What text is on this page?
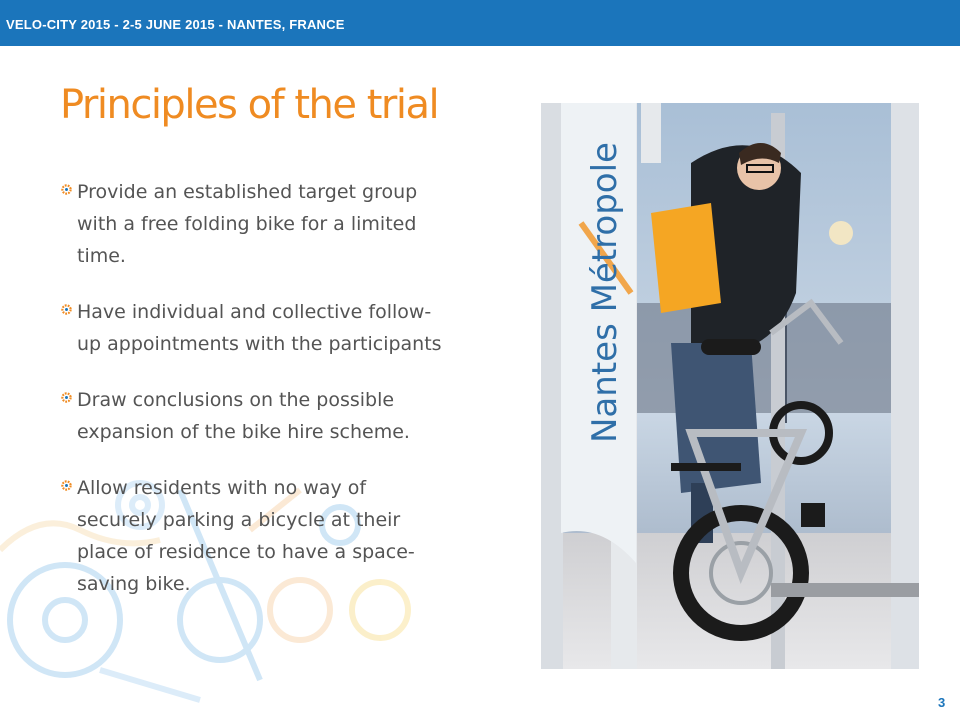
VELO-CITY 2015 - 2-5 JUNE 2015 - NANTES, FRANCE
Principles of the trial
Provide an established target group with a free folding bike for a limited time.
Have individual and collective follow-up appointments with the participants
Draw conclusions on the possible expansion of the bike hire scheme.
Allow residents with no way of securely parking a bicycle at their place of residence to have a space-saving bike.
Nantes Métropole
3
